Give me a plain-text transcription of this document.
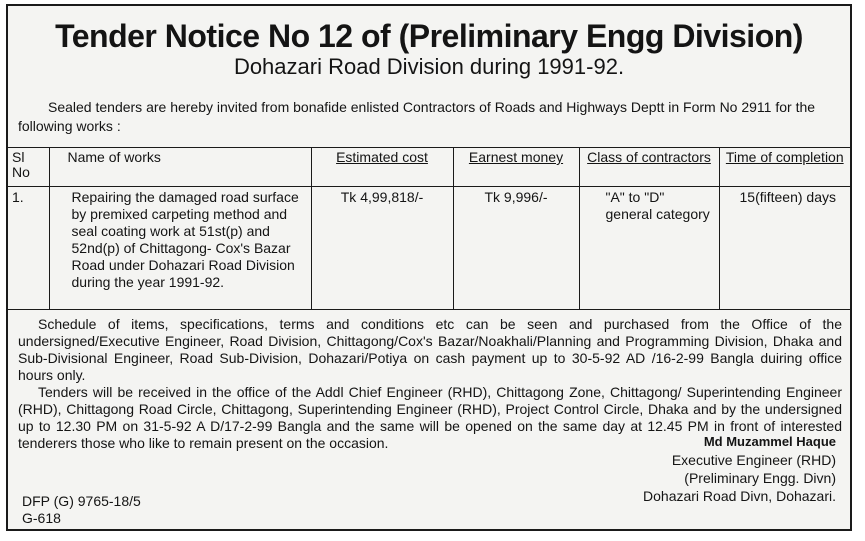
Tender Notice No 12 of (Preliminary Engg Division)
Dohazari Road Division during 1991-92.
Sealed tenders are hereby invited from bonafide enlisted Contractors of Roads and Highways Deptt in Form No 2911 for the following works :
Sl No	Name of works	Estimated cost	Earnest money	Class of contractors	Time of completion
1.	Repairing the damaged road surface by premixed carpeting method and seal coating work at 51st(p) and 52nd(p) of Chittagong- Cox's Bazar Road under Dohazari Road Division during the year 1991-92.	Tk 4,99,818/-	Tk 9,996/-	"A" to "D" general category	15(fifteen) days

Schedule of items, specifications, terms and conditions etc can be seen and purchased from the Office of the undersigned/Executive Engineer, Road Division, Chittagong/Cox's Bazar/Noakhali/Planning and Programming Division, Dhaka and Sub-Divisional Engineer, Road Sub-Division, Dohazari/Potiya on cash payment up to 30-5-92 AD /16-2-99 Bangla duiring office hours only.

Tenders will be received in the office of the Addl Chief Engineer (RHD), Chittagong Zone, Chittagong/ Superintending Engineer (RHD), Chittagong Road Circle, Chittagong, Superintending Engineer (RHD), Project Control Circle, Dhaka and by the undersigned up to 12.30 PM on 31-5-92 A D/17-2-99 Bangla and the same will be opened on the same day at 12.45 PM in front of interested tenderers those who like to remain present on the occasion.	Md Muzammel Haque
Executive Engineer (RHD)
(Preliminary Engg. Divn)
Dohazari Road Divn, Dohazari.
DFP (G) 9765-18/5
G-618
